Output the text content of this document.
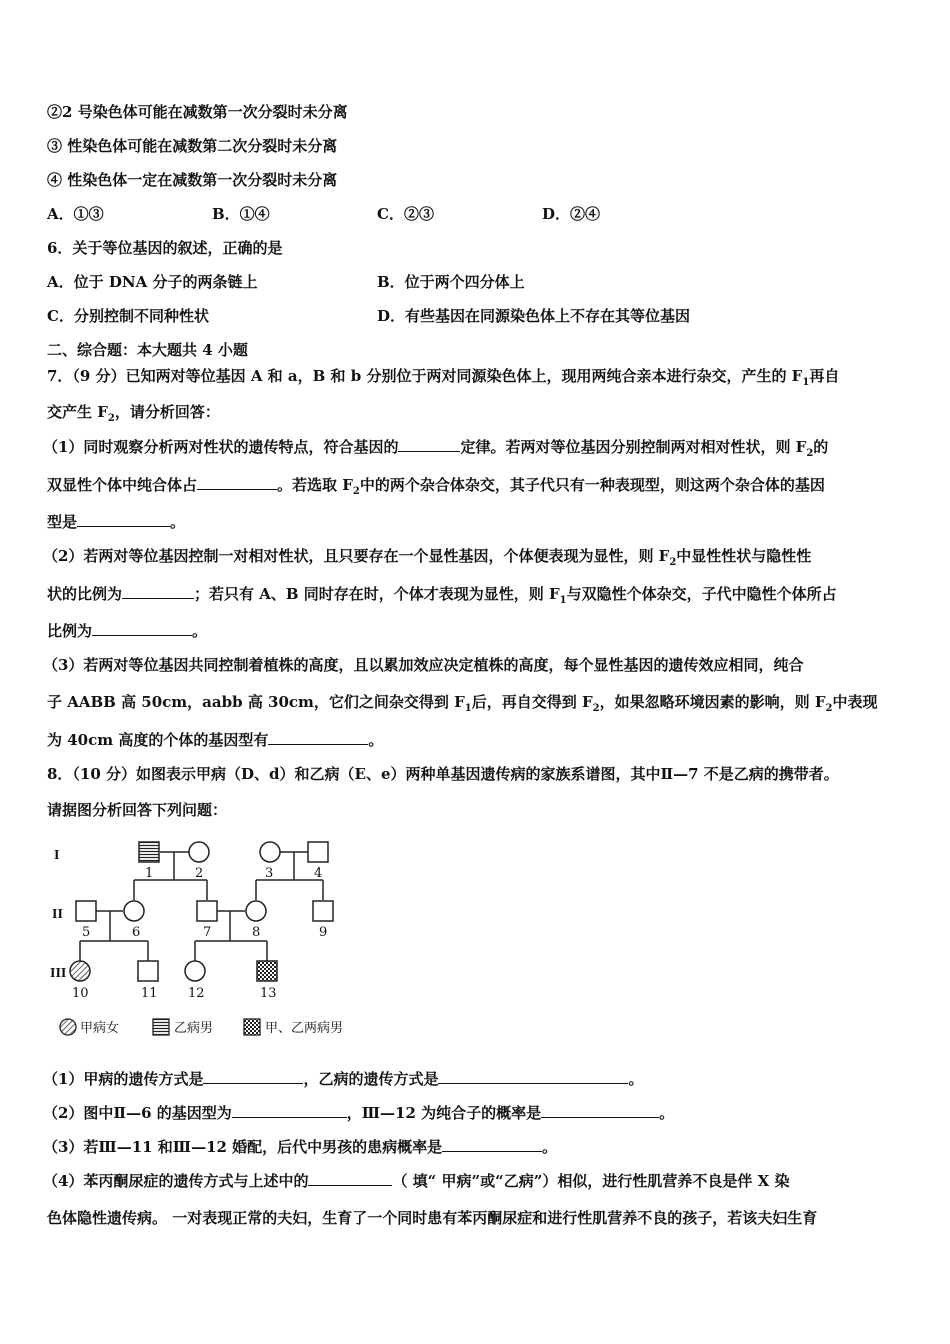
②2 号染色体可能在减数第一次分裂时未分离
③ 性染色体可能在减数第二次分裂时未分离
④ 性染色体一定在减数第一次分裂时未分离
A．①③	B．①④	C．②③	D．②④
6．关于等位基因的叙述，正确的是
A．位于 DNA 分子的两条链上	B．位于两个四分体上
C．分别控制不同种性状	D．有些基因在同源染色体上不存在其等位基因
二、综合题：本大题共 4 小题
7．（9 分）已知两对等位基因 A 和 a，B 和 b 分别位于两对同源染色体上，现用两纯合亲本进行杂交，产生的 $F_1$再自
交产生 $F_2$，请分析回答：
（1）同时观察分析两对性状的遗传特点，符合基因的	定律。若两对等位基因分别控制两对相对性状，则 $F_2$的
双显性个体中纯合体占	。若选取 $F_2$中的两个杂合体杂交，其子代只有一种表现型，则这两个杂合体的基因
型是	。
（2）若两对等位基因控制一对相对性状，且只要存在一个显性基因，个体便表现为显性，则 $F_2$中显性性状与隐性性
状的比例为	；若只有 A、B 同时存在时，个体才表现为显性，则 $F_1$与双隐性个体杂交，子代中隐性个体所占
比例为	。
（3）若两对等位基因共同控制着植株的高度，且以累加效应决定植株的高度，每个显性基因的遗传效应相同，纯合
子 AABB 高 50cm，aabb 高 30cm，它们之间杂交得到 $F_1$后，再自交得到 $F_2$，如果忽略环境因素的影响，则 $F_2$中表现
为 40cm 高度的个体的基因型有	。
8．（10 分）如图表示甲病（D、d）和乙病（E、e）两种单基因遗传病的家族系谱图，其中Ⅱ—7 不是乙病的携带者。
请据图分析回答下列问题：
I
II
III
1	2	3	4
5	6	7	8	9
10	11 12	13
甲病女	乙病男	甲、乙两病男
（1）甲病的遗传方式是	，乙病的遗传方式是	。
（2）图中Ⅱ—6 的基因型为	，Ⅲ—12 为纯合子的概率是	。
（3）若Ⅲ—11 和Ⅲ—12 婚配，后代中男孩的患病概率是	。
（4）苯丙酮尿症的遗传方式与上述中的	（ 填“ 甲病”或“乙病”）相似，进行性肌营养不良是伴 X 染
色体隐性遗传病。 一对表现正常的夫妇，生育了一个同时患有苯丙酮尿症和进行性肌营养不良的孩子，若该夫妇生育
